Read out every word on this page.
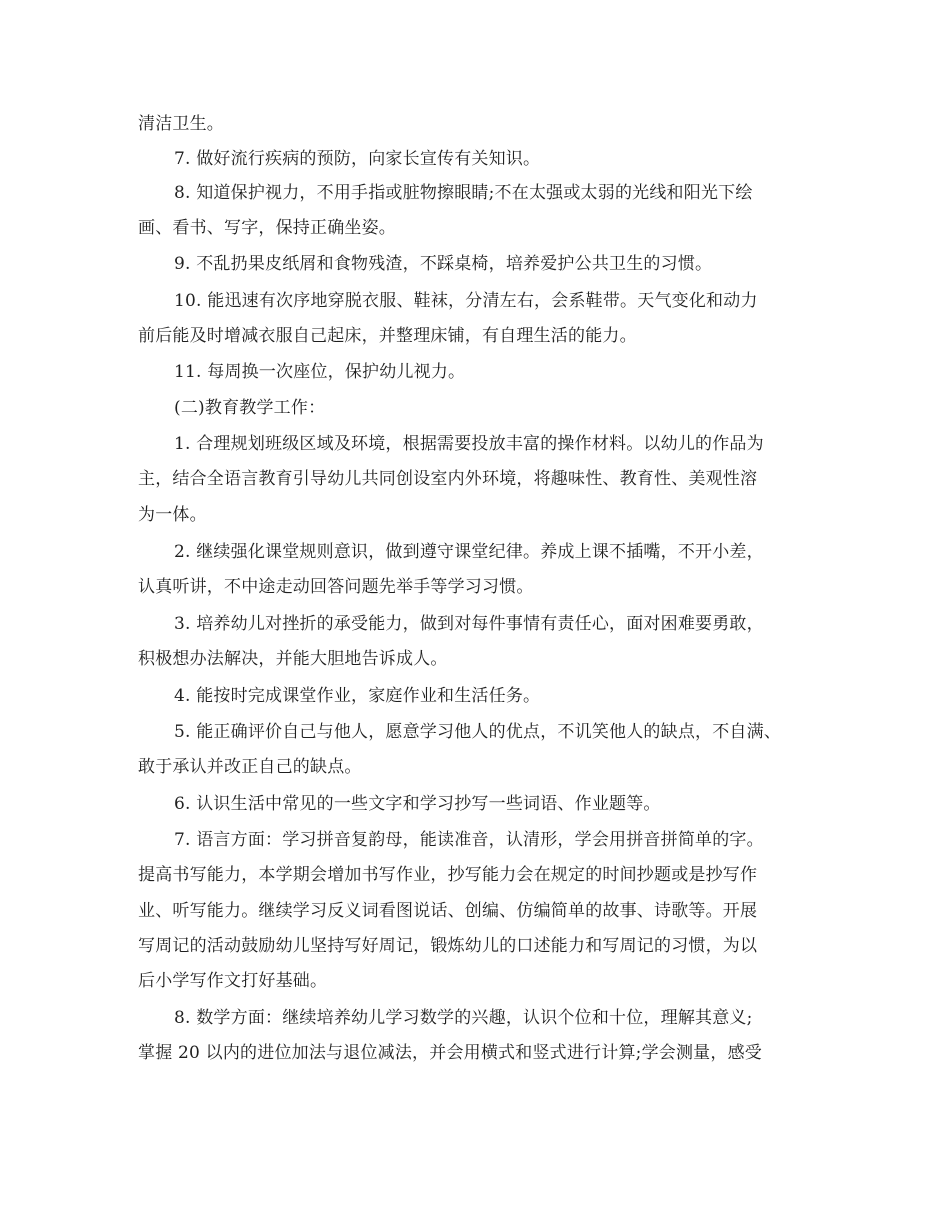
清洁卫生。
7. 做好流行疾病的预防，向家长宣传有关知识。
8. 知道保护视力，不用手指或脏物擦眼睛;不在太强或太弱的光线和阳光下绘
画、看书、写字，保持正确坐姿。
9. 不乱扔果皮纸屑和食物残渣，不踩桌椅，培养爱护公共卫生的习惯。
10. 能迅速有次序地穿脱衣服、鞋袜，分清左右，会系鞋带。天气变化和动力
前后能及时增减衣服自己起床，并整理床铺，有自理生活的能力。
11. 每周换一次座位，保护幼儿视力。
(二)教育教学工作：
1. 合理规划班级区域及环境，根据需要投放丰富的操作材料。以幼儿的作品为
主，结合全语言教育引导幼儿共同创设室内外环境，将趣味性、教育性、美观性溶
为一体。
2. 继续强化课堂规则意识，做到遵守课堂纪律。养成上课不插嘴，不开小差，
认真听讲，不中途走动回答问题先举手等学习习惯。
3. 培养幼儿对挫折的承受能力，做到对每件事情有责任心，面对困难要勇敢，
积极想办法解决，并能大胆地告诉成人。
4. 能按时完成课堂作业，家庭作业和生活任务。
5. 能正确评价自己与他人，愿意学习他人的优点，不讥笑他人的缺点，不自满、
敢于承认并改正自己的缺点。
6. 认识生活中常见的一些文字和学习抄写一些词语、作业题等。
7. 语言方面：学习拼音复韵母，能读准音，认清形，学会用拼音拼简单的字。
提高书写能力，本学期会增加书写作业，抄写能力会在规定的时间抄题或是抄写作
业、听写能力。继续学习反义词看图说话、创编、仿编简单的故事、诗歌等。开展
写周记的活动鼓励幼儿坚持写好周记，锻炼幼儿的口述能力和写周记的习惯，为以
后小学写作文打好基础。
8. 数学方面：继续培养幼儿学习数学的兴趣，认识个位和十位，理解其意义;
掌握 20 以内的进位加法与退位减法，并会用横式和竖式进行计算;学会测量，感受
